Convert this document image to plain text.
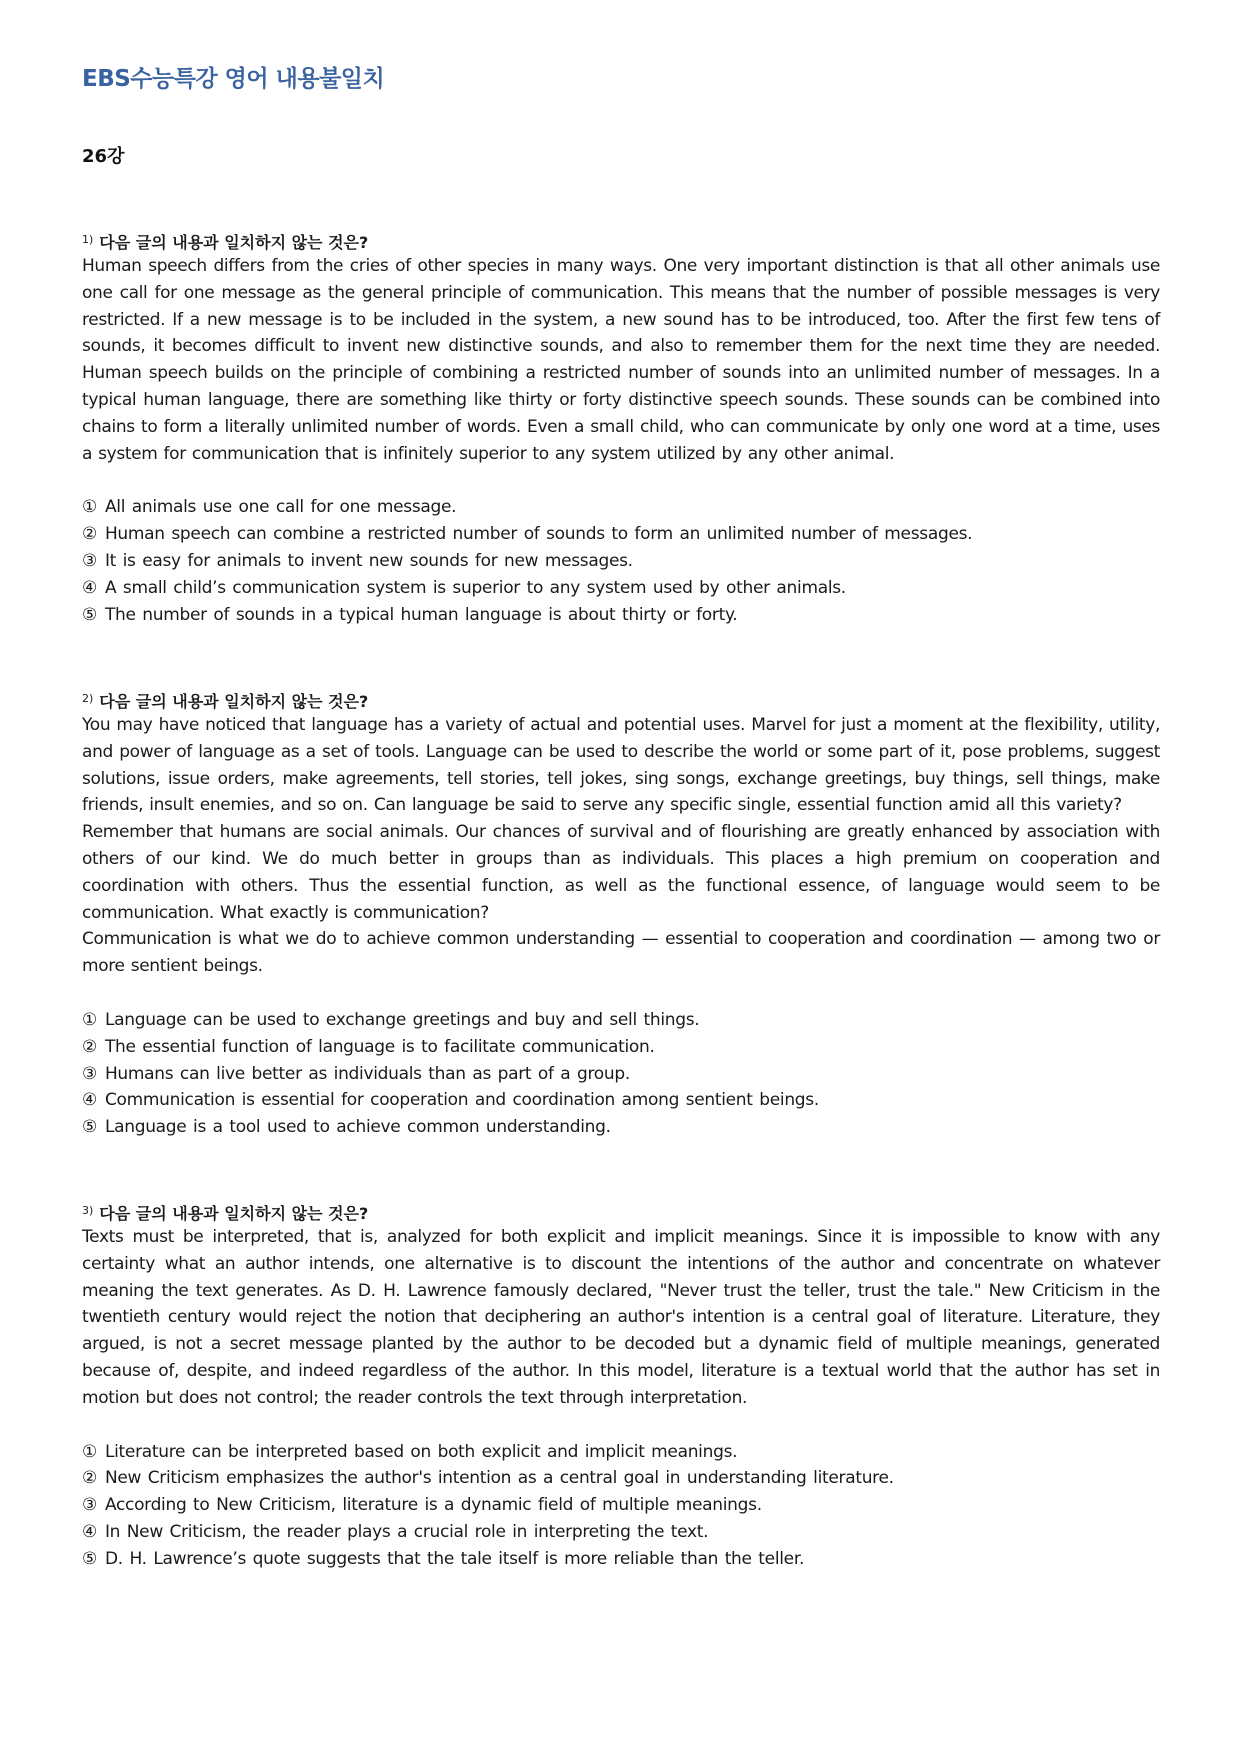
EBS수능특강 영어 내용불일치
26강
$^{1)}$ 다음 글의 내용과 일치하지 않는 것은?

Human speech differs from the cries of other species in many ways. One very important distinction is that all other animals use one call for one message as the general principle of communication. This means that the number of possible messages is very restricted. If a new message is to be included in the system, a new sound has to be introduced, too. After the first few tens of sounds, it becomes difficult to invent new distinctive sounds, and also to remember them for the next time they are needed. Human speech builds on the principle of combining a restricted number of sounds into an unlimited number of messages. In a typical human language, there are something like thirty or forty distinctive speech sounds. These sounds can be combined into chains to form a literally unlimited number of words. Even a small child, who can communicate by only one word at a time, uses a system for communication that is infinitely superior to any system utilized by any other animal.

① All animals use one call for one message.
② Human speech can combine a restricted number of sounds to form an unlimited number of messages.
③ It is easy for animals to invent new sounds for new messages.
④ A small child’s communication system is superior to any system used by other animals.
⑤ The number of sounds in a typical human language is about thirty or forty.
$^{2)}$ 다음 글의 내용과 일치하지 않는 것은?

You may have noticed that language has a variety of actual and potential uses. Marvel for just a moment at the flexibility, utility, and power of language as a set of tools. Language can be used to describe the world or some part of it, pose problems, suggest solutions, issue orders, make agreements, tell stories, tell jokes, sing songs, exchange greetings, buy things, sell things, make friends, insult enemies, and so on. Can language be said to serve any specific single, essential function amid all this variety?

Remember that humans are social animals. Our chances of survival and of flourishing are greatly enhanced by association with others of our kind. We do much better in groups than as individuals. This places a high premium on cooperation and coordination with others. Thus the essential function, as well as the functional essence, of language would seem to be communication. What exactly is communication?

Communication is what we do to achieve common understanding — essential to cooperation and coordination — among two or more sentient beings.

① Language can be used to exchange greetings and buy and sell things.
② The essential function of language is to facilitate communication.
③ Humans can live better as individuals than as part of a group.
④ Communication is essential for cooperation and coordination among sentient beings.
⑤ Language is a tool used to achieve common understanding.
$^{3)}$ 다음 글의 내용과 일치하지 않는 것은?

Texts must be interpreted, that is, analyzed for both explicit and implicit meanings. Since it is impossible to know with any certainty what an author intends, one alternative is to discount the intentions of the author and concentrate on whatever meaning the text generates. As D. H. Lawrence famously declared, "Never trust the teller, trust the tale." New Criticism in the twentieth century would reject the notion that deciphering an author's intention is a central goal of literature. Literature, they argued, is not a secret message planted by the author to be decoded but a dynamic field of multiple meanings, generated because of, despite, and indeed regardless of the author. In this model, literature is a textual world that the author has set in motion but does not control; the reader controls the text through interpretation.

① Literature can be interpreted based on both explicit and implicit meanings.
② New Criticism emphasizes the author's intention as a central goal in understanding literature.
③ According to New Criticism, literature is a dynamic field of multiple meanings.
④ In New Criticism, the reader plays a crucial role in interpreting the text.
⑤ D. H. Lawrence’s quote suggests that the tale itself is more reliable than the teller.
